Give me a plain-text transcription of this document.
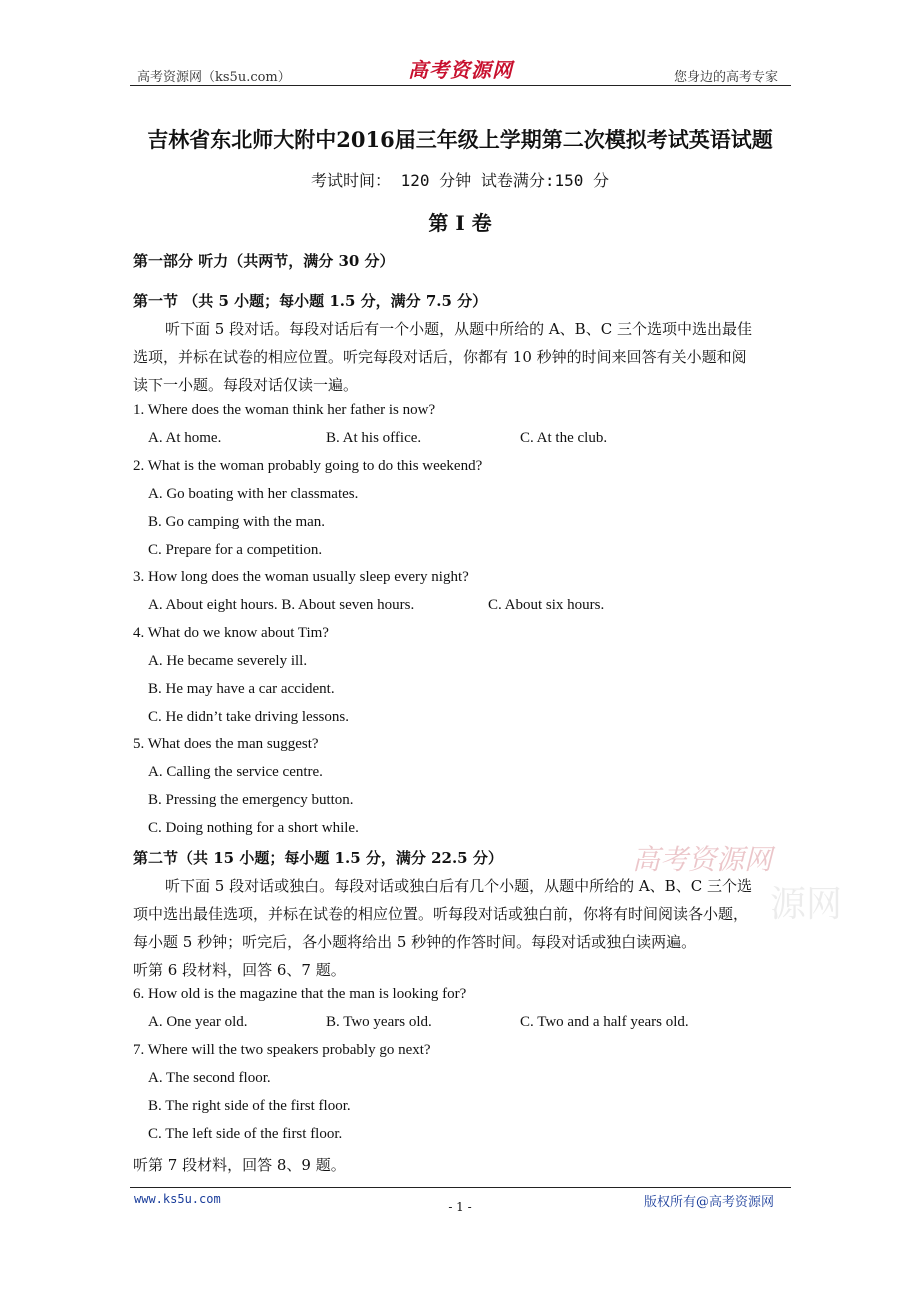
高考资源网（ks5u.com）	高考资源网	您身边的高考专家
吉林省东北师大附中2016届三年级上学期第二次模拟考试英语试题
考试时间： 120 分钟 试卷满分:150 分
第 I 卷
第一部分 听力（共两节，满分 30 分）
第一节 （共 5 小题；每小题 1.5 分，满分 7.5 分）
听下面 5 段对话。每段对话后有一个小题，从题中所给的 A、B、C 三个选项中选出最佳
选项，并标在试卷的相应位置。听完每段对话后，你都有 10 秒钟的时间来回答有关小题和阅
读下一小题。每段对话仅读一遍。
1. Where does the woman think her father is now?
A. At home.	B. At his office.	C. At the club.
2. What is the woman probably going to do this weekend?
A. Go boating with her classmates.
B. Go camping with the man.
C. Prepare for a competition.
3. How long does the woman usually sleep every night?
A. About eight hours. B. About seven hours.	C. About six hours.
4. What do we know about Tim?
A. He became severely ill.
B. He may have a car accident.
C. He didn’t take driving lessons.
5. What does the man suggest?
A. Calling the service centre.
B. Pressing the emergency button.
C. Doing nothing for a short while.
第二节（共 15 小题；每小题 1.5 分，满分 22.5 分）
听下面 5 段对话或独白。每段对话或独白后有几个小题，从题中所给的 A、B、C 三个选
项中选出最佳选项，并标在试卷的相应位置。听每段对话或独白前，你将有时间阅读各小题，
每小题 5 秒钟；听完后，各小题将给出 5 秒钟的作答时间。每段对话或独白读两遍。
听第 6 段材料，回答 6、7 题。
6. How old is the magazine that the man is looking for?
A. One year old.	B. Two years old.	C. Two and a half years old.
7. Where will the two speakers probably go next?
A. The second floor.
B. The right side of the first floor.
C. The left side of the first floor.
听第 7 段材料，回答 8、9 题。
高考资源网
源网
www.ks5u.com	版权所有@高考资源网
- 1 -
